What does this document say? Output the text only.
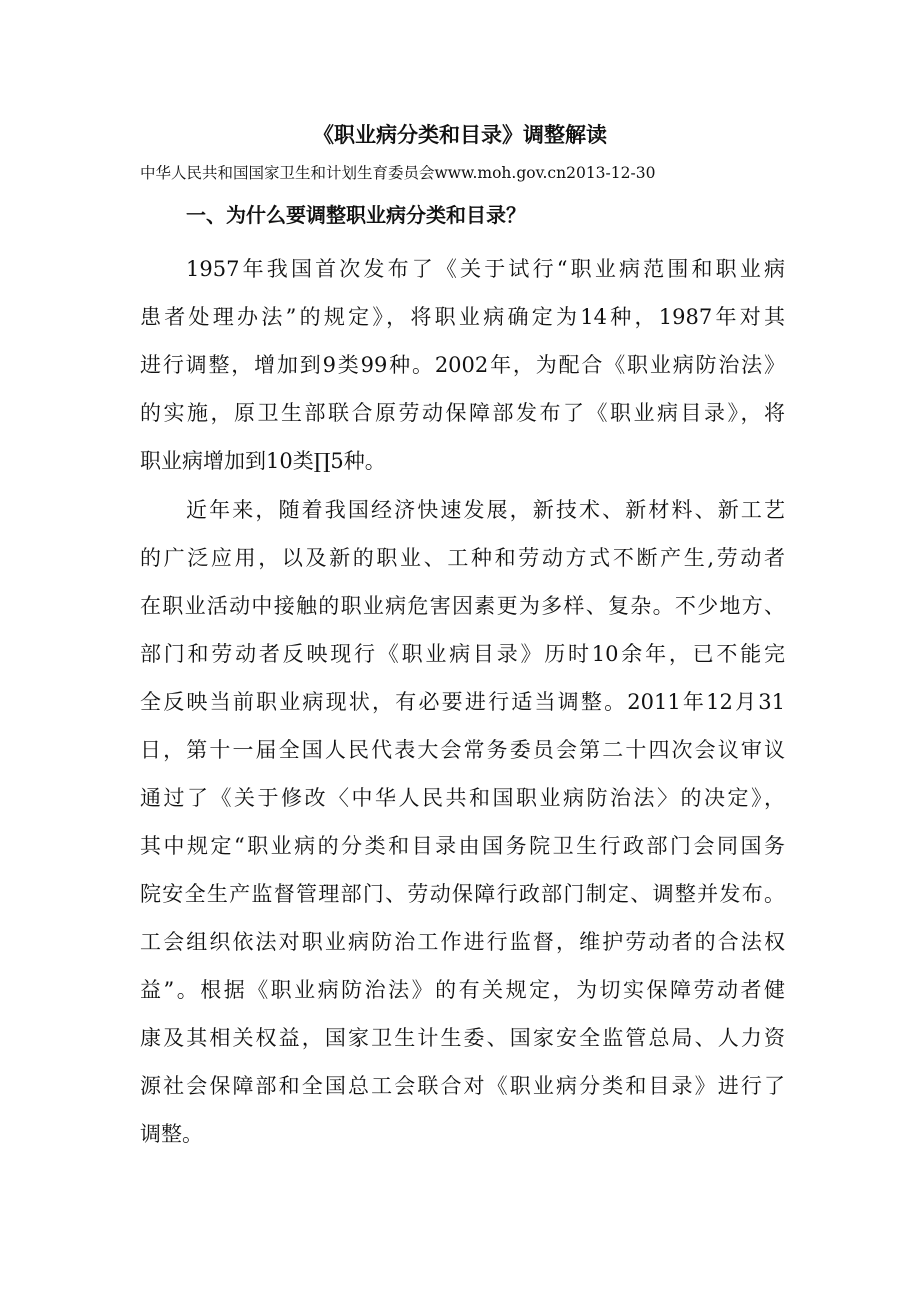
《职业病分类和目录》调整解读

中华人民共和国国家卫生和计划生育委员会www.moh.gov.cn2013-12-30

一、为什么要调整职业病分类和目录？
1957年我国首次发布了《关于试行“职业病范围和职业病
患者处理办法”的规定》，将职业病确定为14种，1987年对其
进行调整，增加到9类99种。2002年，为配合《职业病防治法》
的实施，原卫生部联合原劳动保障部发布了《职业病目录》，将
职业病增加到10类∏5种。
近年来，随着我国经济快速发展，新技术、新材料、新工艺
的广泛应用，以及新的职业、工种和劳动方式不断产生,劳动者
在职业活动中接触的职业病危害因素更为多样、复杂。不少地方、
部门和劳动者反映现行《职业病目录》历时10余年，已不能完
全反映当前职业病现状，有必要进行适当调整。2011年12月31
日，第十一届全国人民代表大会常务委员会第二十四次会议审议
通过了《关于修改〈中华人民共和国职业病防治法〉的决定》，
其中规定“职业病的分类和目录由国务院卫生行政部门会同国务
院安全生产监督管理部门、劳动保障行政部门制定、调整并发布。
工会组织依法对职业病防治工作进行监督，维护劳动者的合法权
益”。根据《职业病防治法》的有关规定，为切实保障劳动者健
康及其相关权益，国家卫生计生委、国家安全监管总局、人力资
源社会保障部和全国总工会联合对《职业病分类和目录》进行了
调整。
